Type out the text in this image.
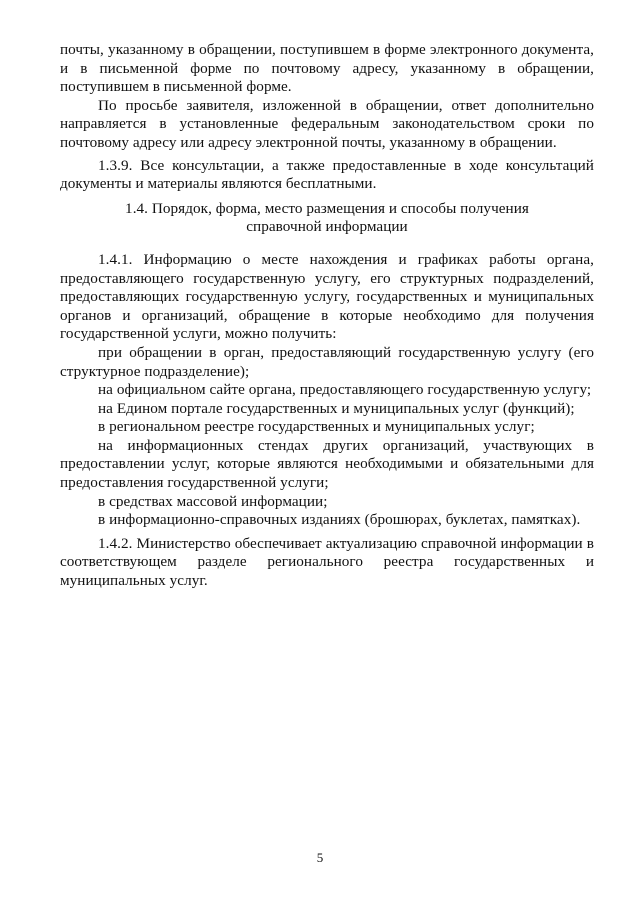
почты, указанному в обращении, поступившем в форме электронного документа, и в письменной форме по почтовому адресу, указанному в обращении, поступившем в письменной форме.

По просьбе заявителя, изложенной в обращении, ответ дополнительно направляется в установленные федеральным законодательством сроки по почтовому адресу или адресу электронной почты, указанному в обращении.

1.3.9. Все консультации, а также предоставленные в ходе консультаций документы и материалы являются бесплатными.

1.4. Порядок, форма, место размещения и способы получения справочной информации

1.4.1. Информацию о месте нахождения и графиках работы органа, предоставляющего государственную услугу, его структурных подразделений, предоставляющих государственную услугу, государственных и муниципальных органов и организаций, обращение в которые необходимо для получения государственной услуги, можно получить:

при обращении в орган, предоставляющий государственную услугу (его структурное подразделение);

на официальном сайте органа, предоставляющего государственную услугу;

на Едином портале государственных и муниципальных услуг (функций);

в региональном реестре государственных и муниципальных услуг;

на информационных стендах других организаций, участвующих в предоставлении услуг, которые являются необходимыми и обязательными для предоставления государственной услуги;

в средствах массовой информации;

в информационно-справочных изданиях (брошюрах, буклетах, памятках).

1.4.2. Министерство обеспечивает актуализацию справочной информации в соответствующем разделе регионального реестра государственных и муниципальных услуг.

5
